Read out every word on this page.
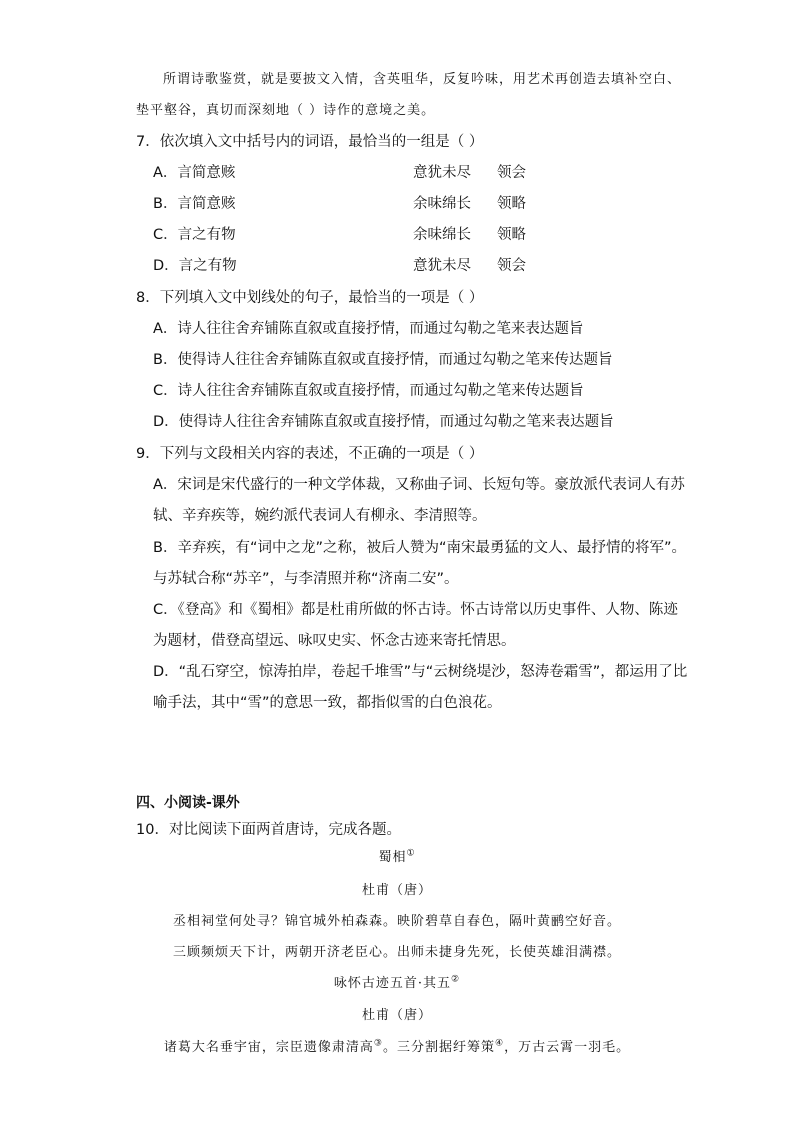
所谓诗歌鉴赏，就是要披文入情，含英咀华，反复吟味，用艺术再创造去填补空白、
垫平壑谷，真切而深刻地（ ）诗作的意境之美。
7．依次填入文中括号内的词语，最恰当的一组是（ ）
A．言简意赅	意犹未尽 领会
B．言简意赅	余味绵长 领略
C．言之有物	余味绵长 领略
D．言之有物	意犹未尽 领会
8．下列填入文中划线处的句子，最恰当的一项是（ ）
A．诗人往往舍弃铺陈直叙或直接抒情，而通过勾勒之笔来表达题旨
B．使得诗人往往舍弃铺陈直叙或直接抒情，而通过勾勒之笔来传达题旨
C．诗人往往舍弃铺陈直叙或直接抒情，而通过勾勒之笔来传达题旨
D．使得诗人往往舍弃铺陈直叙或直接抒情，而通过勾勒之笔来表达题旨
9．下列与文段相关内容的表述，不正确的一项是（ ）
A．宋词是宋代盛行的一种文学体裁，又称曲子词、长短句等。豪放派代表词人有苏
轼、辛弃疾等，婉约派代表词人有柳永、李清照等。
B．辛弃疾，有“词中之龙”之称，被后人赞为“南宋最勇猛的文人、最抒情的将军”。
与苏轼合称“苏辛”，与李清照并称“济南二安”。
C．《登高》和《蜀相》都是杜甫所做的怀古诗。怀古诗常以历史事件、人物、陈迹
为题材，借登高望远、咏叹史实、怀念古迹来寄托情思。
D．“乱石穿空，惊涛拍岸，卷起千堆雪”与“云树绕堤沙，怒涛卷霜雪”，都运用了比
喻手法，其中“雪”的意思一致，都指似雪的白色浪花。
四、小阅读-课外
10．对比阅读下面两首唐诗，完成各题。
蜀相①
杜甫（唐）
丞相祠堂何处寻？锦官城外柏森森。映阶碧草自春色，隔叶黄鹂空好音。
三顾频烦天下计，两朝开济老臣心。出师未捷身先死，长使英雄泪满襟。
咏怀古迹五首·其五②
杜甫（唐）
诸葛大名垂宇宙，宗臣遗像肃清高③。三分割据纡筹策④，万古云霄一羽毛。
